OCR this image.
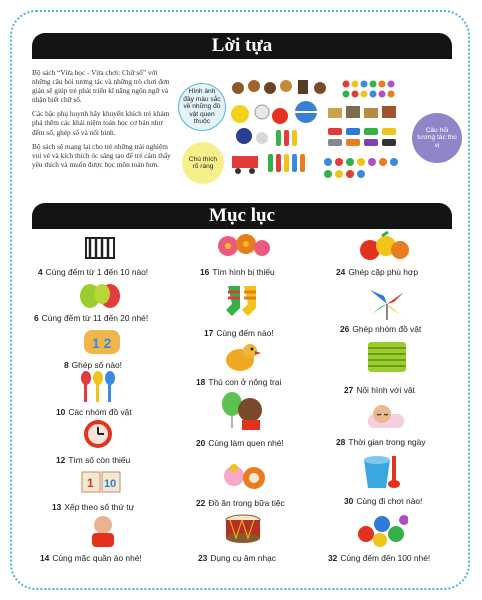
Lời tựa

Bộ sách “Vừa học - Vừa chơi: Chữ số” với những câu hỏi tương tác và những trò chơi đơn giản sẽ giúp trẻ phát triển kĩ năng ngôn ngữ và nhận biết chữ số.

Các bậc phụ huynh hãy khuyến khích trẻ khám phá thêm các khái niệm toán học cơ bản như đếm số, ghép số và nối hình.

Bộ sách sẽ mang lại cho trẻ những trải nghiệm vui vẻ và kích thích óc sáng tạo để trẻ cảm thấy yêu thích và muốn được học môn toán hơn.

Hình ảnh đầy màu sắc về những đồ vật quen thuộc
Chú thích rõ ràng
Câu hỏi tương tác thú vị
Mục lục
4 Cùng đếm từ 1 đến 10 nào!
6 Cùng đếm từ 11 đến 20 nhé!
1 2
8 Ghép số nào!
10 Các nhóm đồ vật
12 Tìm số còn thiếu
1 10
13 Xếp theo số thứ tự
14 Cùng mặc quần áo nhé!
16 Tìm hình bị thiếu
17 Cùng đếm nào!
18 Thú con ở nông trại
20 Cùng làm quen nhé!
22 Đồ ăn trong bữa tiệc
23 Dụng cụ âm nhạc
24 Ghép cặp phù hợp
26 Ghép nhóm đồ vật
27 Nối hình với vật
28 Thời gian trong ngày
30 Cùng đi chơi nào!
32 Cùng đếm đến 100 nhé!
